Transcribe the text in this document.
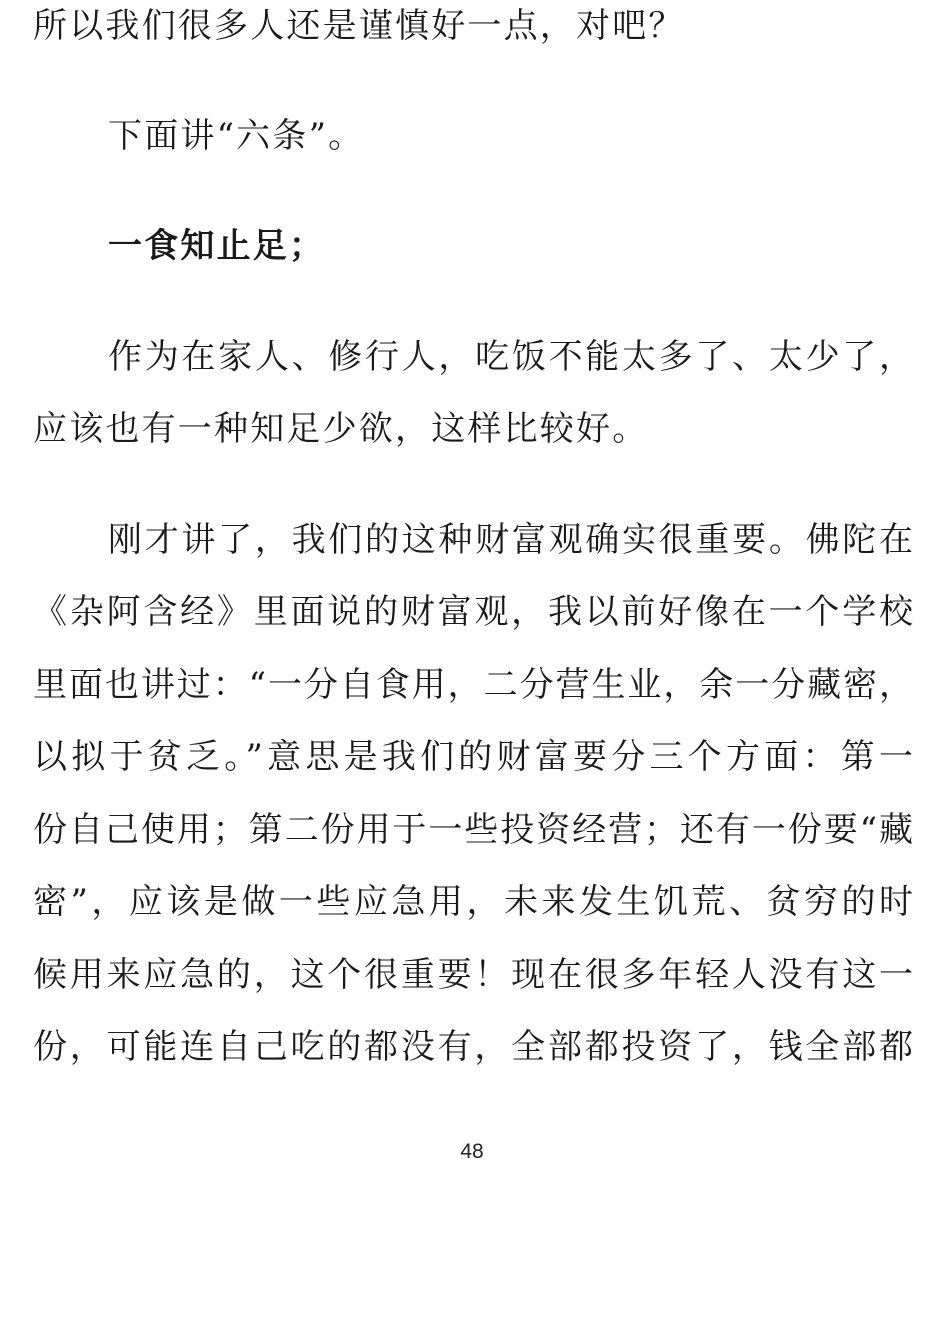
所以我们很多人还是谨慎好一点，对吧？
下面讲“六条”。
一食知止足；
作为在家人、修行人，吃饭不能太多了、太少了，
应该也有一种知足少欲，这样比较好。
刚才讲了，我们的这种财富观确实很重要。佛陀在
《杂阿含经》里面说的财富观，我以前好像在一个学校
里面也讲过：“一分自食用，二分营生业，余一分藏密，
以拟于贫乏。”意思是我们的财富要分三个方面：第一
份自己使用；第二份用于一些投资经营；还有一份要“藏
密”，应该是做一些应急用，未来发生饥荒、贫穷的时
候用来应急的，这个很重要！现在很多年轻人没有这一
份，可能连自己吃的都没有，全部都投资了，钱全部都
48
